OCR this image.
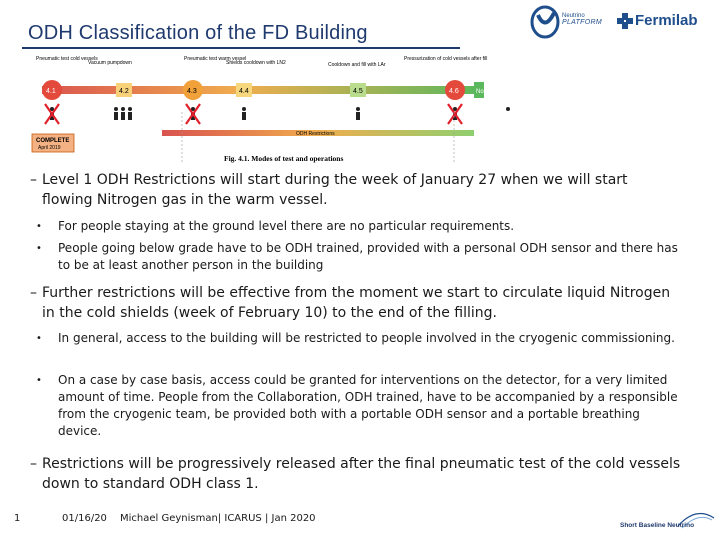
ODH Classification of the FD Building
Neutrino
PLATFORM Fermilab
Pneumatic test cold vessels
Vacuum pumpdown
Pneumatic test warm vessel
Shields cooldown with LN2	Cooldown and fill with LAr
Pressurization of cold vessels after fill
4.1	4.2	4.3	4.4	4.5	4.6	Normal Operations
COMPLETE
April 2019
ODH Restrictions
Fig. 4.1. Modes of test and operations
– Level 1 ODH Restrictions will start during the week of January 27 when we will start flowing Nitrogen gas in the warm vessel.
• For people staying at the ground level there are no particular requirements.
• People going below grade have to be ODH trained, provided with a personal ODH sensor and there has to be at least another person in the building
– Further restrictions will be effective from the moment we start to circulate liquid Nitrogen in the cold shields (week of February 10) to the end of the filling.
• In general, access to the building will be restricted to people involved in the cryogenic commissioning.
• On a case by case basis, access could be granted for interventions on the detector, for a very limited amount of time. People from the Collaboration, ODH trained, have to be accompanied by a responsible from the cryogenic team, be provided both with a portable ODH sensor and a portable breathing device.
– Restrictions will be progressively released after the final pneumatic test of the cold vessels down to standard ODH class 1.
1	01/16/20 Michael Geynisman| ICARUS | Jan 2020
Short Baseline Neutrino
